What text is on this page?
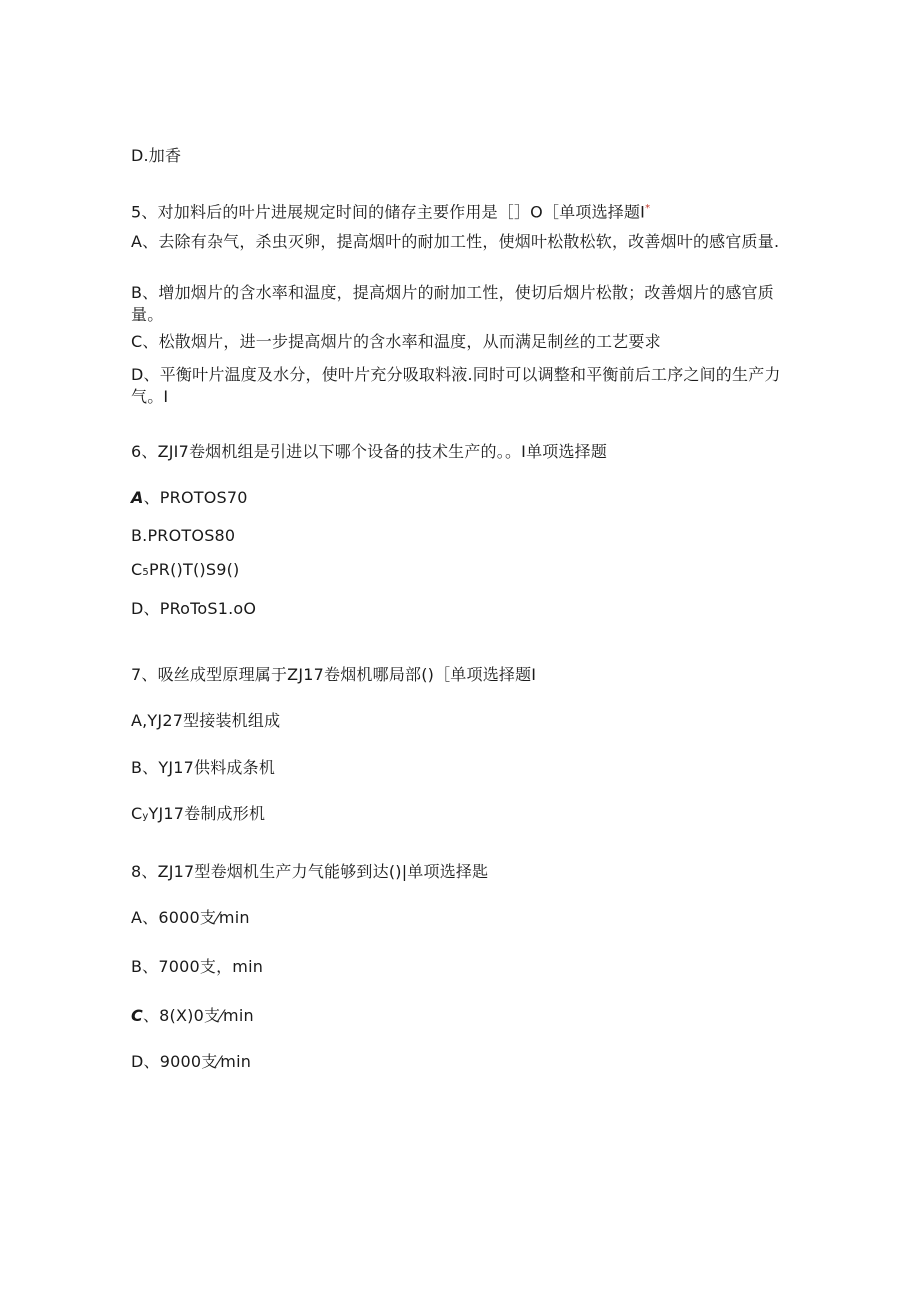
D.加香
5、对加料后的叶片进展规定时间的储存主要作用是［］O［单项选择题I*
A、去除有杂气，杀虫灭卵，提高烟叶的耐加工性，使烟叶松散松软，改善烟叶的感官质量.
B、增加烟片的含水率和温度，提高烟片的耐加工性，使切后烟片松散；改善烟片的感官质量。
C、松散烟片，进一步提高烟片的含水率和温度，从而满足制丝的工艺要求
D、平衡叶片温度及水分，使叶片充分吸取料液.同时可以调整和平衡前后工序之间的生产力气。I
6、ZJI7卷烟机组是引进以下哪个设备的技术生产的。。I单项选择题
A、PROTOS70
B.PROTOS80
C5PR()T()S9()
D、PRoToS1.oO
7、吸丝成型原理属于ZJ17卷烟机哪局部()［单项选择题I
A,YJ27型接装机组成
B、YJ17供料成条机
CyYJ17卷制成形机
8、ZJ17型卷烟机生产力气能够到达()|单项选择匙
A、6000支⁄min
B、7000支，min
C、8(X)0支⁄min
D、9000支⁄min
